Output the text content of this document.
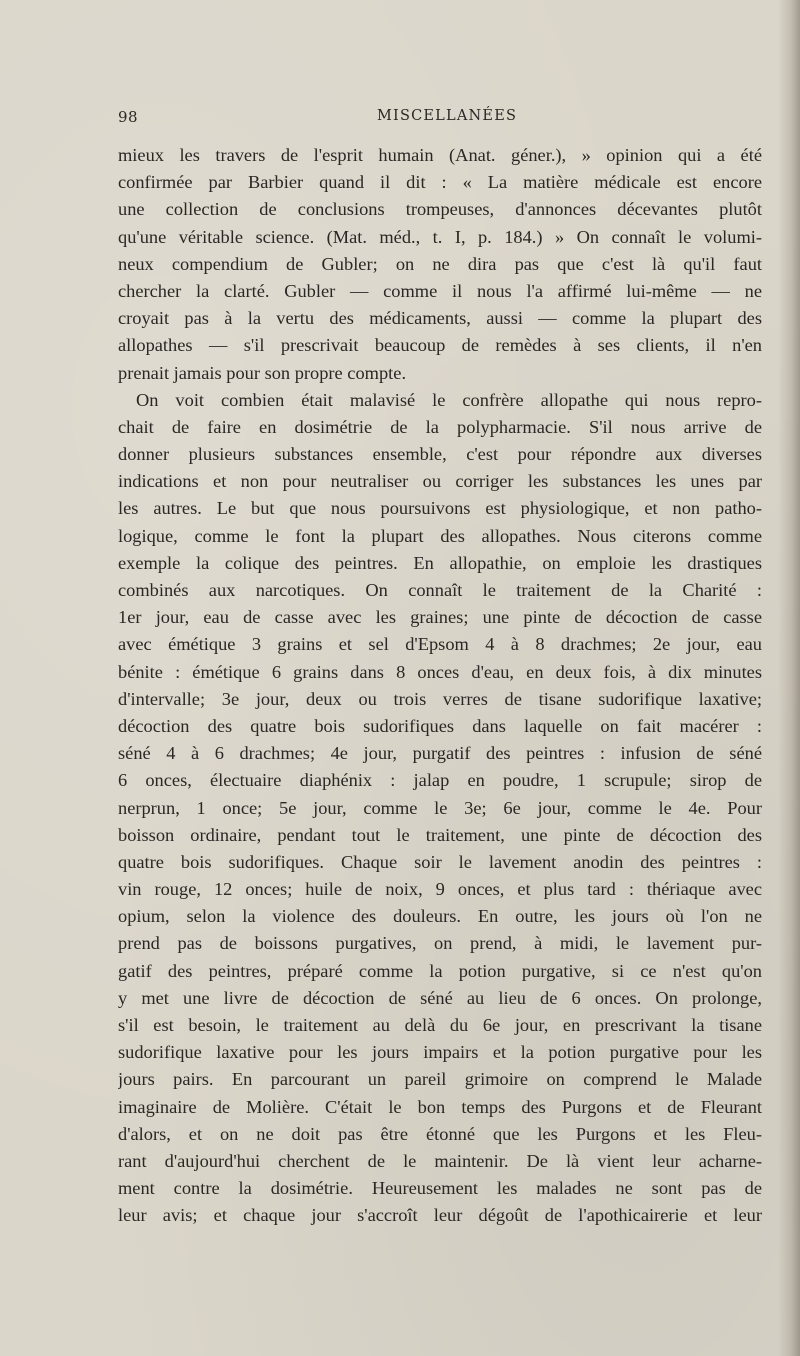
98	MISCELLANÉES
mieux les travers de l'esprit humain (Anat. géner.), » opinion qui a été
confirmée par Barbier quand il dit : « La matière médicale est encore
une collection de conclusions trompeuses, d'annonces décevantes plutôt
qu'une véritable science. (Mat. méd., t. I, p. 184.) » On connaît le volumi-
neux compendium de Gubler; on ne dira pas que c'est là qu'il faut
chercher la clarté. Gubler — comme il nous l'a affirmé lui-même — ne
croyait pas à la vertu des médicaments, aussi — comme la plupart des
allopathes — s'il prescrivait beaucoup de remèdes à ses clients, il n'en
prenait jamais pour son propre compte.
On voit combien était malavisé le confrère allopathe qui nous repro-
chait de faire en dosimétrie de la polypharmacie. S'il nous arrive de
donner plusieurs substances ensemble, c'est pour répondre aux diverses
indications et non pour neutraliser ou corriger les substances les unes par
les autres. Le but que nous poursuivons est physiologique, et non patho-
logique, comme le font la plupart des allopathes. Nous citerons comme
exemple la colique des peintres. En allopathie, on emploie les drastiques
combinés aux narcotiques. On connaît le traitement de la Charité :
1er jour, eau de casse avec les graines; une pinte de décoction de casse
avec émétique 3 grains et sel d'Epsom 4 à 8 drachmes; 2e jour, eau
bénite : émétique 6 grains dans 8 onces d'eau, en deux fois, à dix minutes
d'intervalle; 3e jour, deux ou trois verres de tisane sudorifique laxative;
décoction des quatre bois sudorifiques dans laquelle on fait macérer :
séné 4 à 6 drachmes; 4e jour, purgatif des peintres : infusion de séné
6 onces, électuaire diaphénix : jalap en poudre, 1 scrupule; sirop de
nerprun, 1 once; 5e jour, comme le 3e; 6e jour, comme le 4e. Pour
boisson ordinaire, pendant tout le traitement, une pinte de décoction des
quatre bois sudorifiques. Chaque soir le lavement anodin des peintres :
vin rouge, 12 onces; huile de noix, 9 onces, et plus tard : thériaque avec
opium, selon la violence des douleurs. En outre, les jours où l'on ne
prend pas de boissons purgatives, on prend, à midi, le lavement pur-
gatif des peintres, préparé comme la potion purgative, si ce n'est qu'on
y met une livre de décoction de séné au lieu de 6 onces. On prolonge,
s'il est besoin, le traitement au delà du 6e jour, en prescrivant la tisane
sudorifique laxative pour les jours impairs et la potion purgative pour les
jours pairs. En parcourant un pareil grimoire on comprend le Malade
imaginaire de Molière. C'était le bon temps des Purgons et de Fleurant
d'alors, et on ne doit pas être étonné que les Purgons et les Fleu-
rant d'aujourd'hui cherchent de le maintenir. De là vient leur acharne-
ment contre la dosimétrie. Heureusement les malades ne sont pas de
leur avis; et chaque jour s'accroît leur dégoût de l'apothicairerie et leur
